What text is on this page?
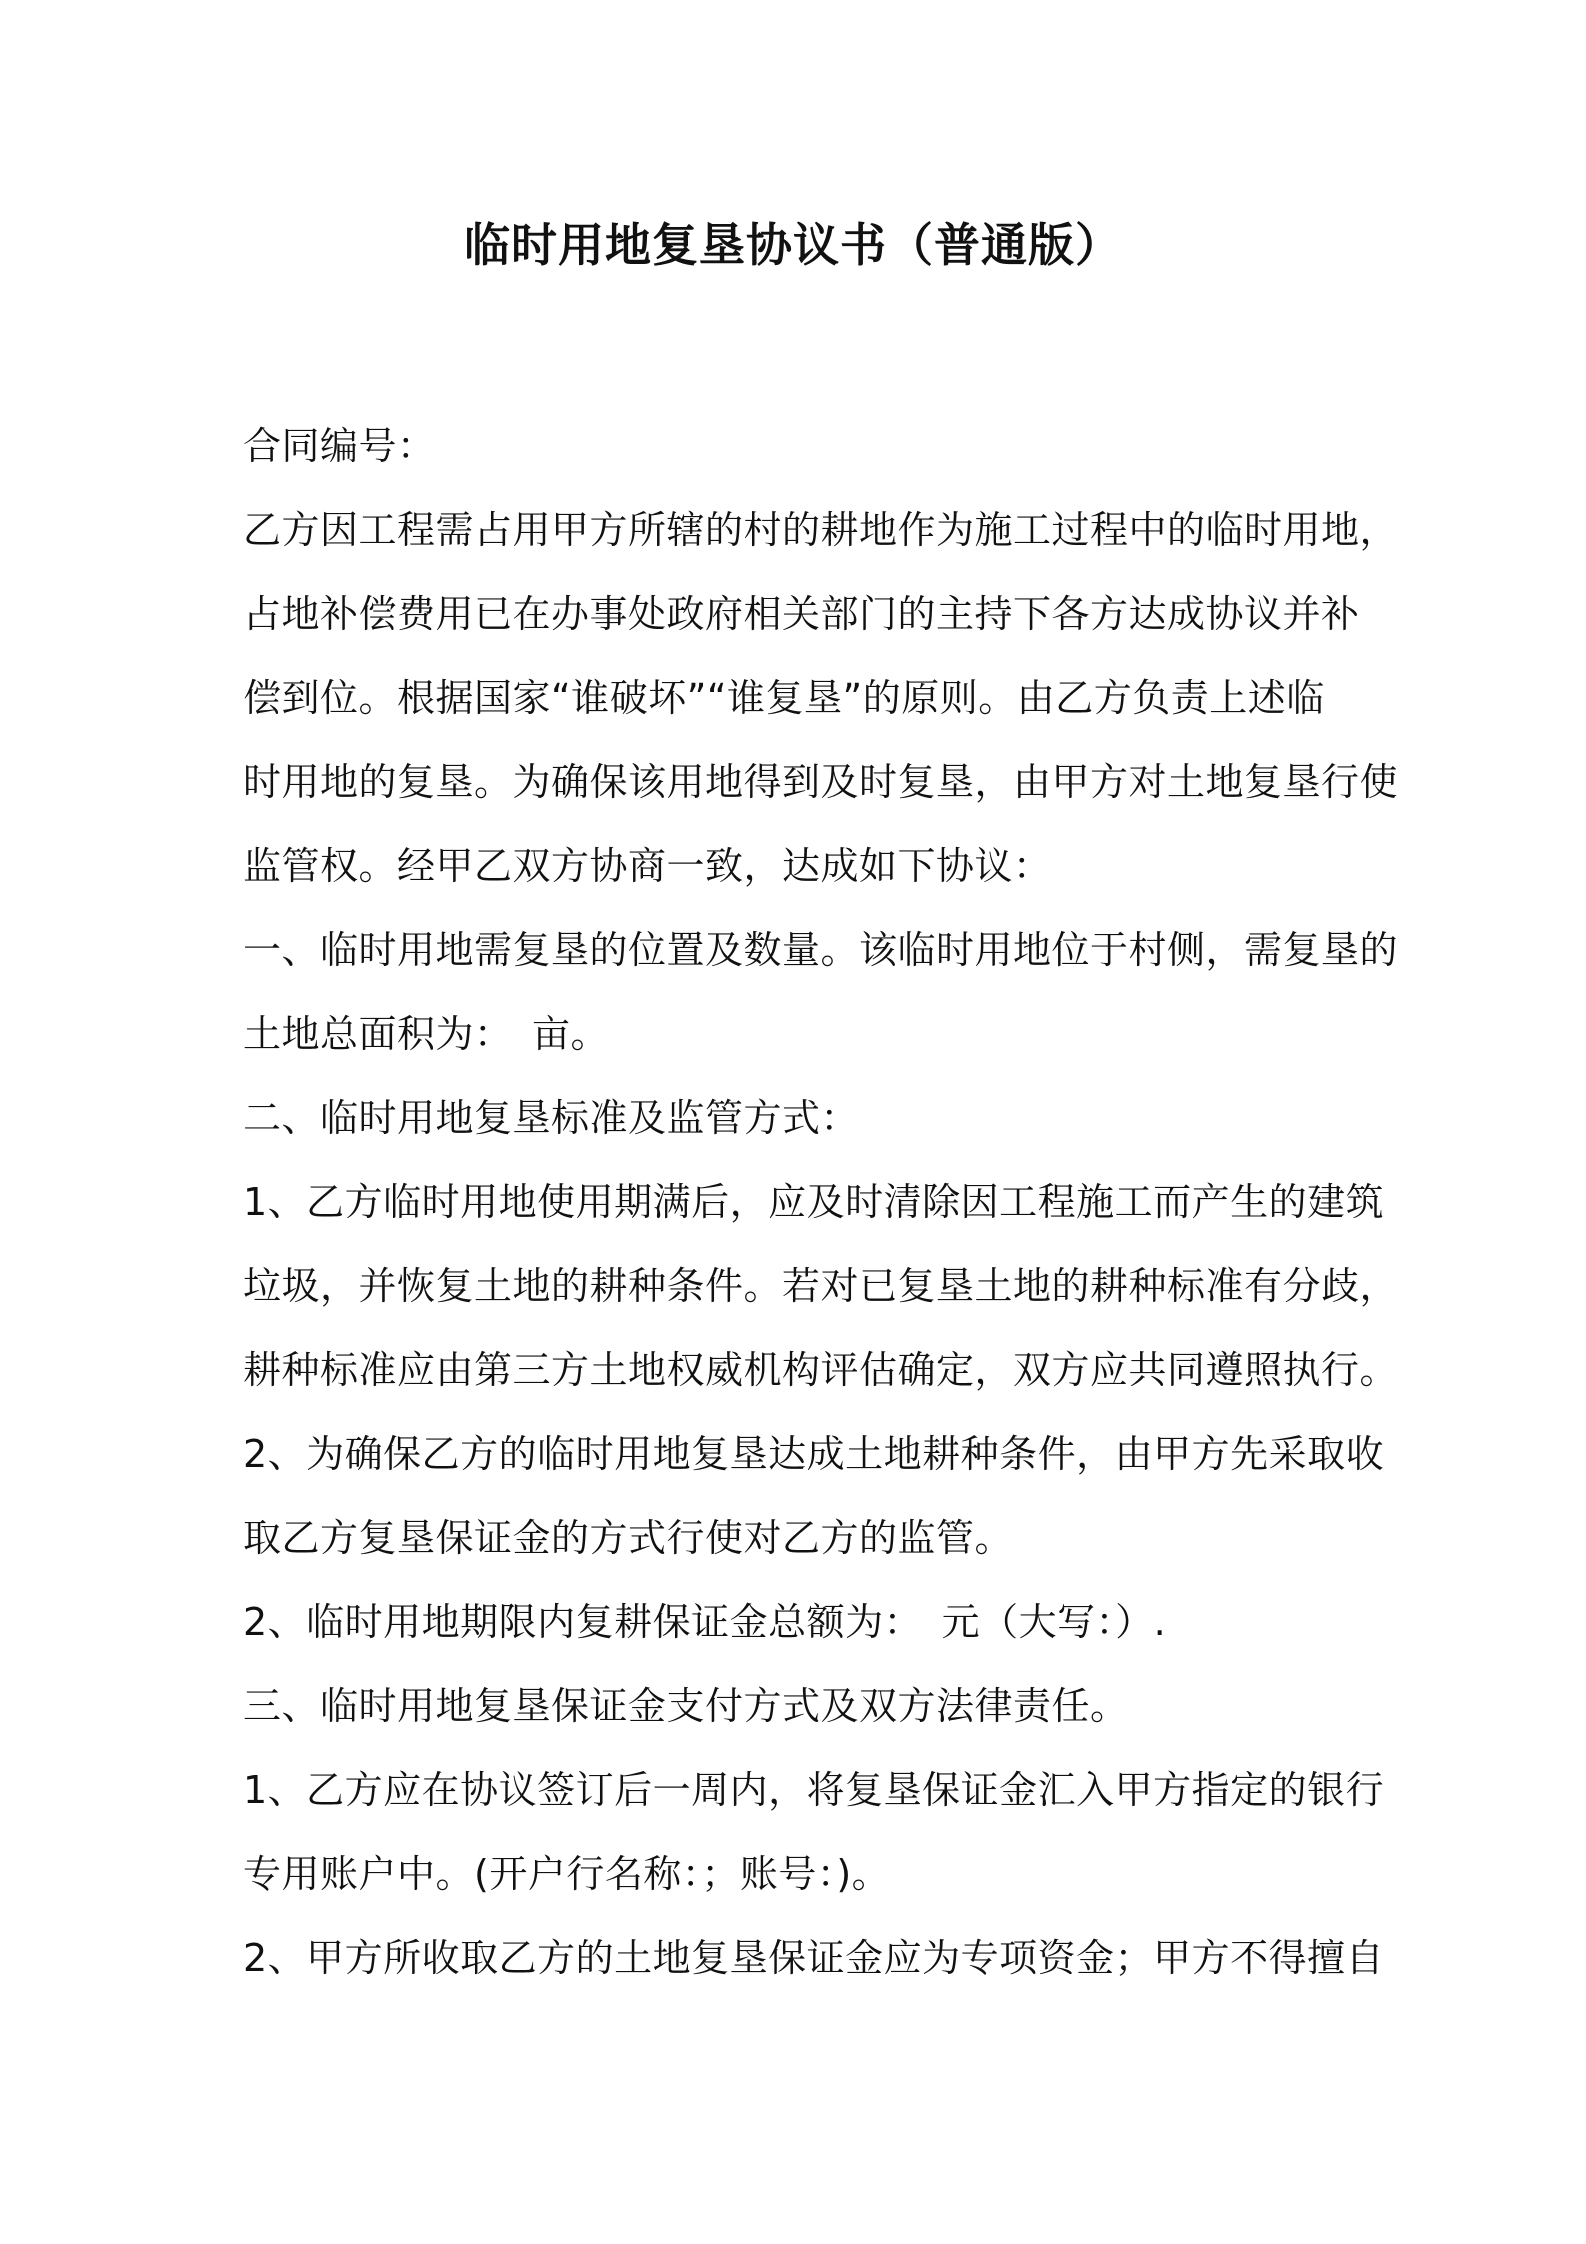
临时用地复垦协议书（普通版）
合同编号：
乙方因工程需占用甲方所辖的村的耕地作为施工过程中的临时用地，
占地补偿费用已在办事处政府相关部门的主持下各方达成协议并补
偿到位。根据国家“谁破坏”“谁复垦”的原则。由乙方负责上述临
时用地的复垦。为确保该用地得到及时复垦，由甲方对土地复垦行使
监管权。经甲乙双方协商一致，达成如下协议：
一、临时用地需复垦的位置及数量。该临时用地位于村侧，需复垦的
土地总面积为：　亩。
二、临时用地复垦标准及监管方式：
1、乙方临时用地使用期满后，应及时清除因工程施工而产生的建筑
垃圾，并恢复土地的耕种条件。若对已复垦土地的耕种标准有分歧，
耕种标准应由第三方土地权威机构评估确定，双方应共同遵照执行。
2、为确保乙方的临时用地复垦达成土地耕种条件，由甲方先采取收
取乙方复垦保证金的方式行使对乙方的监管。
2、临时用地期限内复耕保证金总额为：　元（大写：）.
三、临时用地复垦保证金支付方式及双方法律责任。
1、乙方应在协议签订后一周内，将复垦保证金汇入甲方指定的银行
专用账户中。(开户行名称：；账号：)。
2、甲方所收取乙方的土地复垦保证金应为专项资金；甲方不得擅自
